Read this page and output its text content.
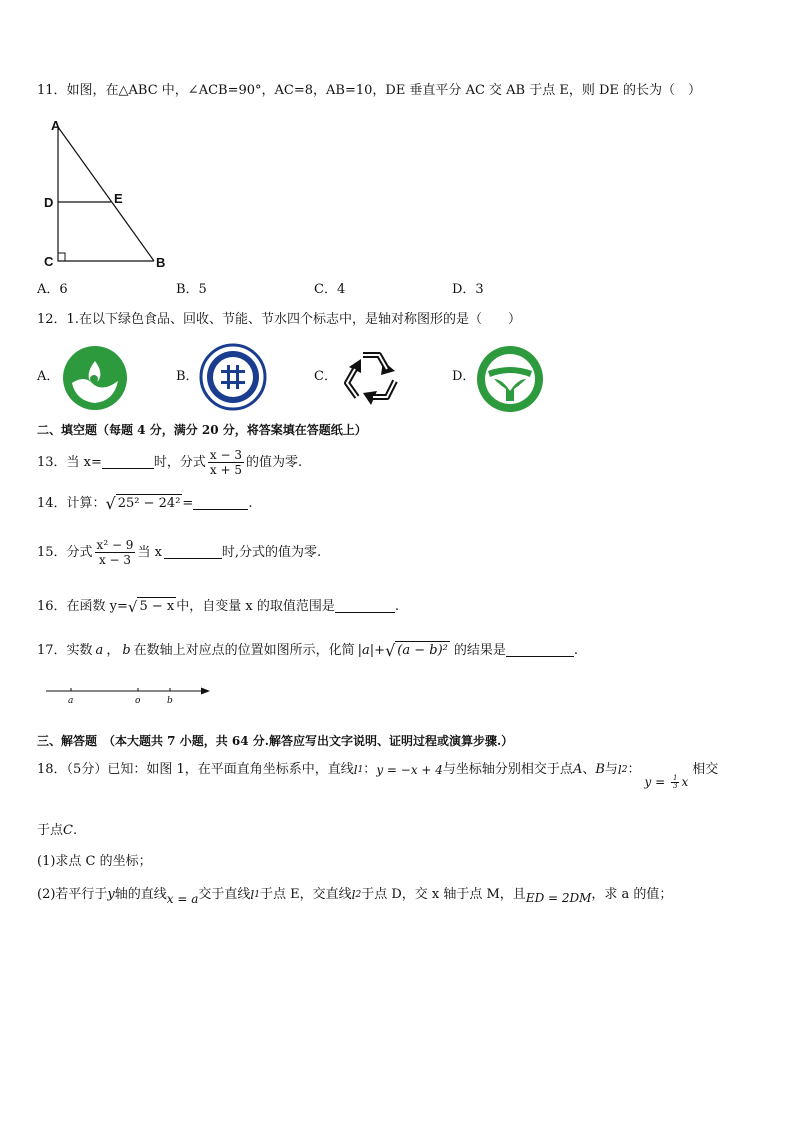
11．如图，在△ABC 中，∠ACB=90°，AC=8，AB=10，DE 垂直平分 AC 交 AB 于点 E，则 DE 的长为（　）
A
D	E
C	B
A．6	B．5	C．4	D．3
12．1.在以下绿色食品、回收、节能、节水四个标志中，是轴对称图形的是（　　）
A．	B．	C．	D．
二、填空题（每题 4 分，满分 20 分，将答案填在答题纸上）
13．当 x=	时，分式 $\frac{x - 3}{x + 5}$ 的值为零.
14．计算： √ 25² − 24² =	.
15．分式 $\frac{\text{x² − 9}}{x - 3}$ 当 x	时,分式的值为零.
16．在函数 y= √ 5 − x 中，自变量 x 的取值范围是	.
17．实数 a ， b 在数轴上对应点的位置如图所示，化简 |a|+ √ (a − b)² 的结果是	.
a	o	b
三、解答题　（本大题共 7 小题，共 64 分.解答应写出文字说明、证明过程或演算步骤.）
18．（5分）已知：如图 1，在平面直角坐标系中，直线 l 1 ： y = −x + 4 与坐标轴分别相交于点 A 、 B 与 l 2 ：
$y = \frac{1}{3}$ x
相交
于点C.
(1)求点 C 的坐标；
(2)若平行于 y 轴的直线 x = a 交于直线 l 1 于点 E，交直线 l 2 于点 D，交 x 轴于点 M，且 ED = 2DM ，求 a 的值；
